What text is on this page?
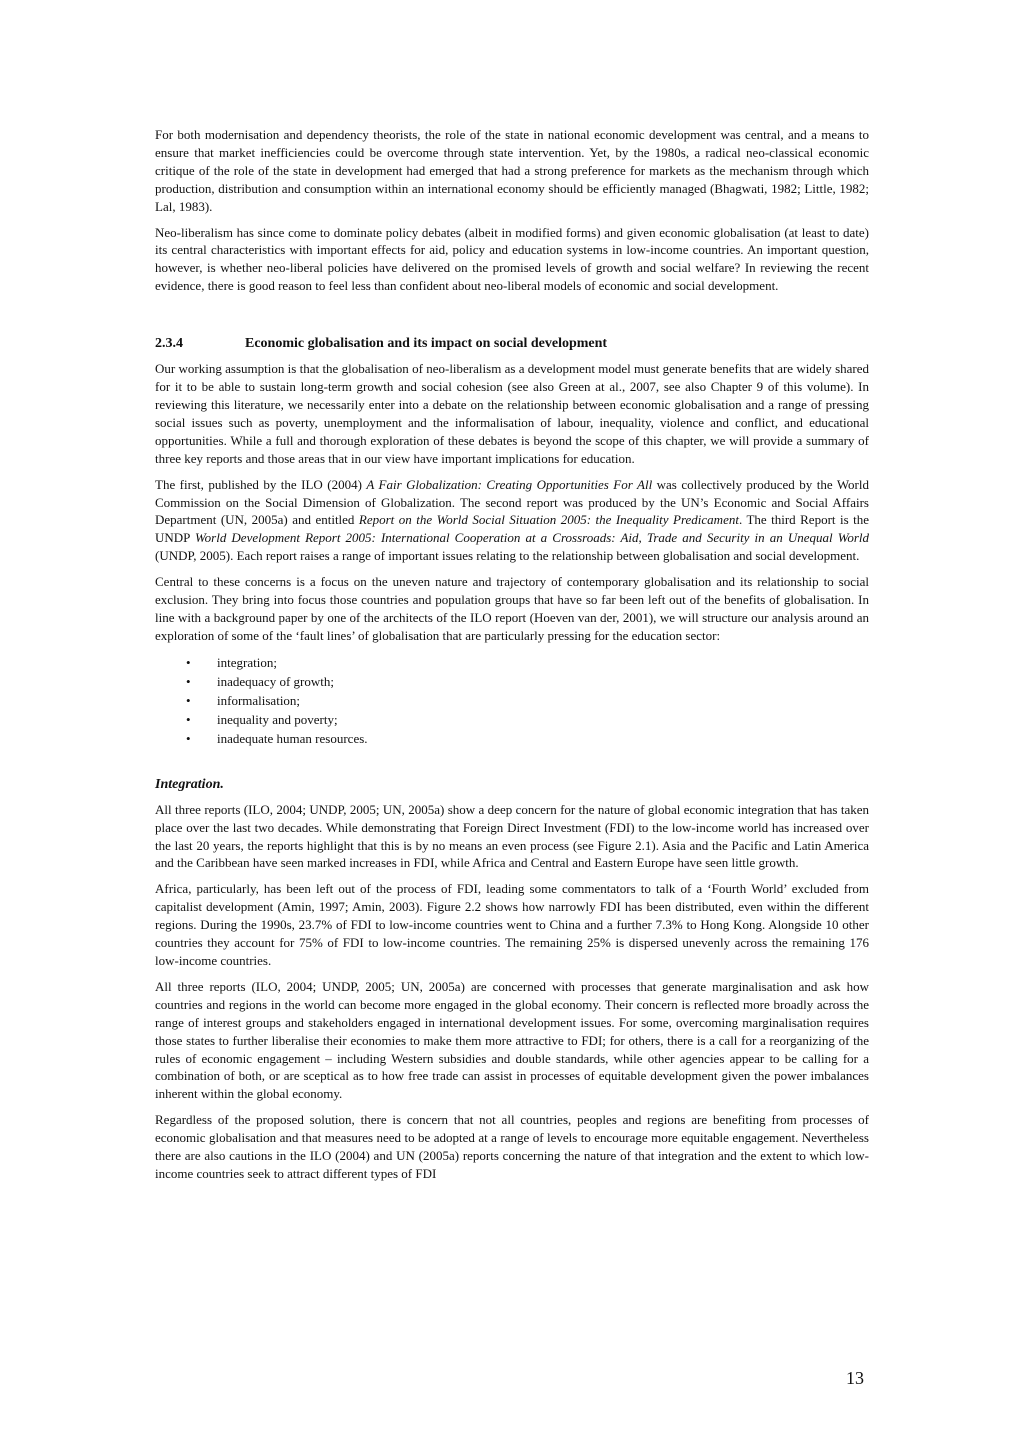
For both modernisation and dependency theorists, the role of the state in national economic development was central, and a means to ensure that market inefficiencies could be overcome through state intervention. Yet, by the 1980s, a radical neo-classical economic critique of the role of the state in development had emerged that had a strong preference for markets as the mechanism through which production, distribution and consumption within an international economy should be efficiently managed (Bhagwati, 1982; Little, 1982; Lal, 1983).

Neo-liberalism has since come to dominate policy debates (albeit in modified forms) and given economic globalisation (at least to date) its central characteristics with important effects for aid, policy and education systems in low-income countries. An important question, however, is whether neo-liberal policies have delivered on the promised levels of growth and social welfare? In reviewing the recent evidence, there is good reason to feel less than confident about neo-liberal models of economic and social development.

2.3.4	Economic globalisation and its impact on social development

Our working assumption is that the globalisation of neo-liberalism as a development model must generate benefits that are widely shared for it to be able to sustain long-term growth and social cohesion (see also Green at al., 2007, see also Chapter 9 of this volume). In reviewing this literature, we necessarily enter into a debate on the relationship between economic globalisation and a range of pressing social issues such as poverty, unemployment and the informalisation of labour, inequality, violence and conflict, and educational opportunities. While a full and thorough exploration of these debates is beyond the scope of this chapter, we will provide a summary of three key reports and those areas that in our view have important implications for education.

The first, published by the ILO (2004) A Fair Globalization: Creating Opportunities For All was collectively produced by the World Commission on the Social Dimension of Globalization. The second report was produced by the UN’s Economic and Social Affairs Department (UN, 2005a) and entitled Report on the World Social Situation 2005: the Inequality Predicament. The third Report is the UNDP World Development Report 2005: International Cooperation at a Crossroads: Aid, Trade and Security in an Unequal World (UNDP, 2005). Each report raises a range of important issues relating to the relationship between globalisation and social development.

Central to these concerns is a focus on the uneven nature and trajectory of contemporary globalisation and its relationship to social exclusion. They bring into focus those countries and population groups that have so far been left out of the benefits of globalisation. In line with a background paper by one of the architects of the ILO report (Hoeven van der, 2001), we will structure our analysis around an exploration of some of the ‘fault lines’ of globalisation that are particularly pressing for the education sector:

• integration;
• inadequacy of growth;
• informalisation;
• inequality and poverty;
• inadequate human resources.
Integration.

All three reports (ILO, 2004; UNDP, 2005; UN, 2005a) show a deep concern for the nature of global economic integration that has taken place over the last two decades. While demonstrating that Foreign Direct Investment (FDI) to the low-income world has increased over the last 20 years, the reports highlight that this is by no means an even process (see Figure 2.1). Asia and the Pacific and Latin America and the Caribbean have seen marked increases in FDI, while Africa and Central and Eastern Europe have seen little growth.

Africa, particularly, has been left out of the process of FDI, leading some commentators to talk of a ‘Fourth World’ excluded from capitalist development (Amin, 1997; Amin, 2003). Figure 2.2 shows how narrowly FDI has been distributed, even within the different regions. During the 1990s, 23.7% of FDI to low-income countries went to China and a further 7.3% to Hong Kong. Alongside 10 other countries they account for 75% of FDI to low-income countries. The remaining 25% is dispersed unevenly across the remaining 176 low-income countries.

All three reports (ILO, 2004; UNDP, 2005; UN, 2005a) are concerned with processes that generate marginalisation and ask how countries and regions in the world can become more engaged in the global economy. Their concern is reflected more broadly across the range of interest groups and stakeholders engaged in international development issues. For some, overcoming marginalisation requires those states to further liberalise their economies to make them more attractive to FDI; for others, there is a call for a reorganizing of the rules of economic engagement – including Western subsidies and double standards, while other agencies appear to be calling for a combination of both, or are sceptical as to how free trade can assist in processes of equitable development given the power imbalances inherent within the global economy.

Regardless of the proposed solution, there is concern that not all countries, peoples and regions are benefiting from processes of economic globalisation and that measures need to be adopted at a range of levels to encourage more equitable engagement. Nevertheless there are also cautions in the ILO (2004) and UN (2005a) reports concerning the nature of that integration and the extent to which low-income countries seek to attract different types of FDI

13
